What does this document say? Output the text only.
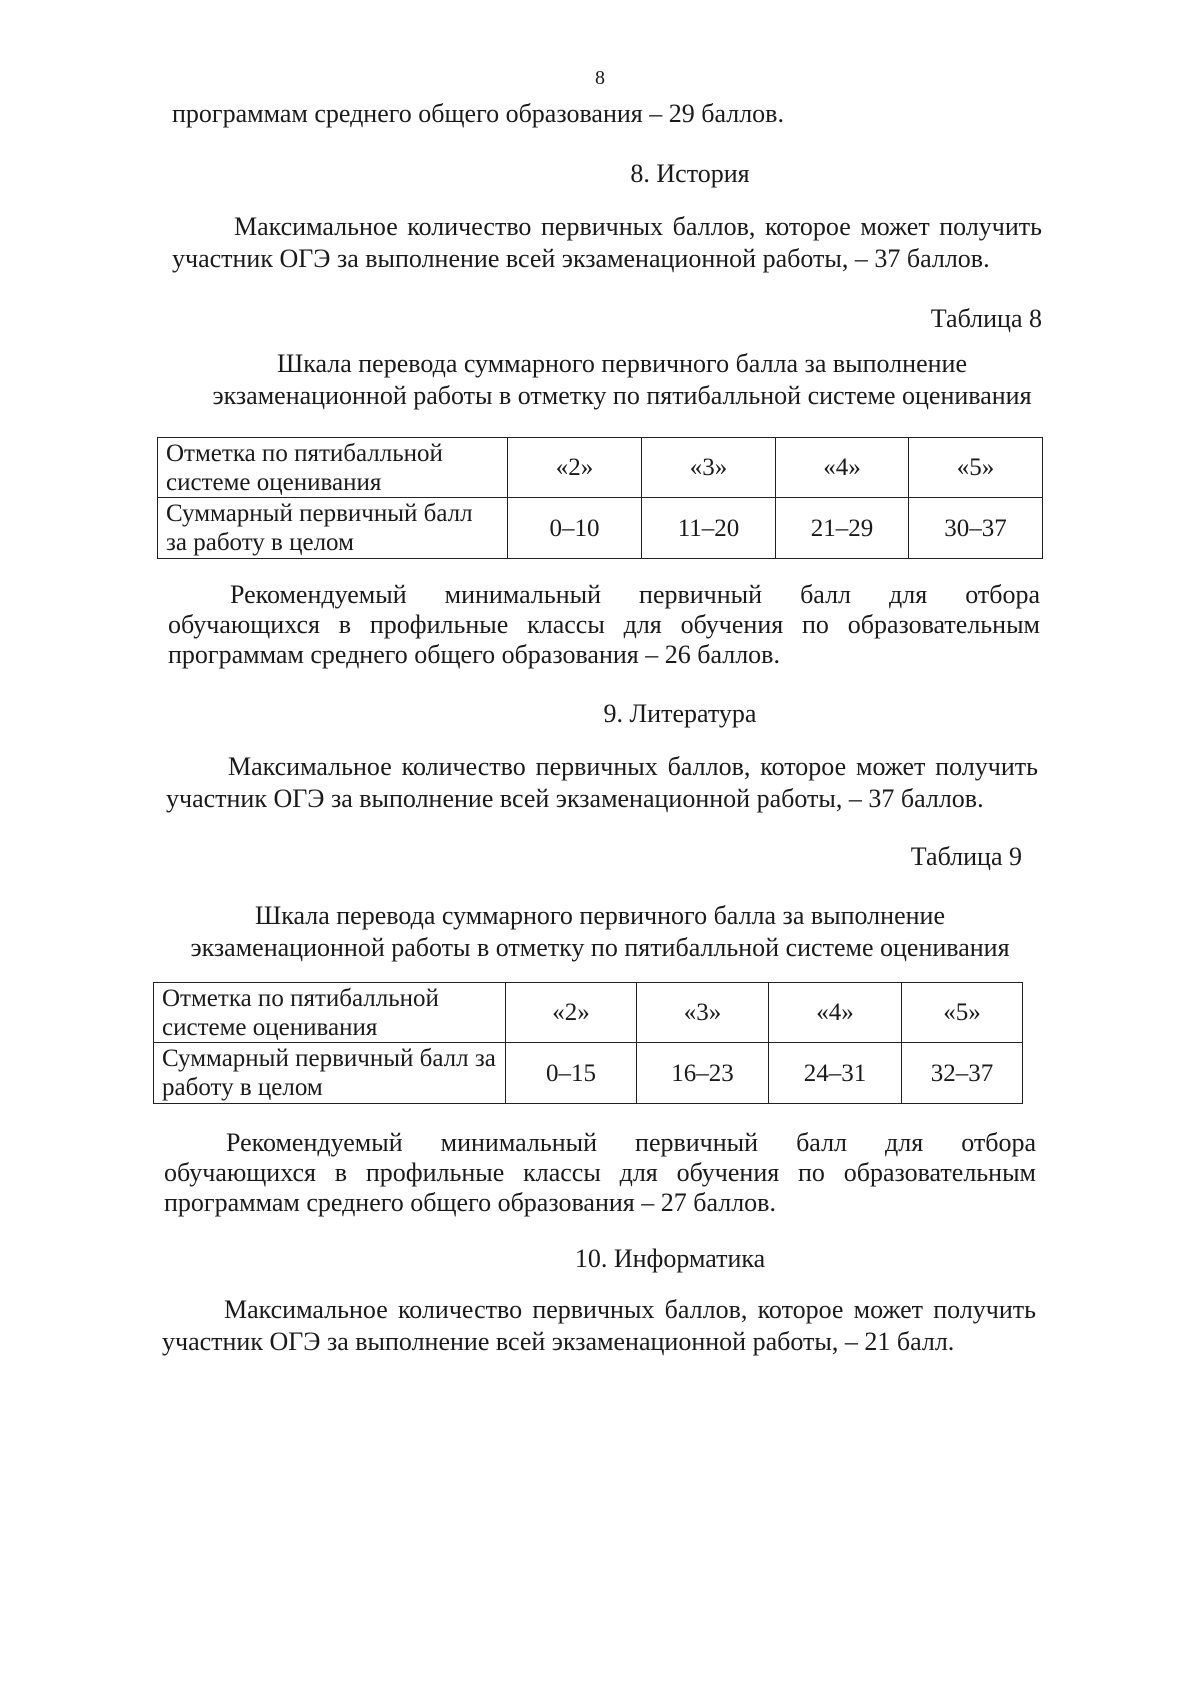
8

программам среднего общего образования – 29 баллов.

8. История

Максимальное количество первичных баллов, которое может получить участник ОГЭ за выполнение всей экзаменационной работы, – 37 баллов.

Таблица 8
Шкала перевода суммарного первичного балла за выполнение
экзаменационной работы в отметку по пятибалльной системе оценивания
Отметка по пятибалльной системе оценивания	«2»	«3»	«4»	«5»
Суммарный первичный балл за работу в целом	0–10	11–20	21–29	30–37

Рекомендуемый минимальный первичный балл для отбора обучающихся в профильные классы для обучения по образовательным программам среднего общего образования – 26 баллов.

9. Литература

Максимальное количество первичных баллов, которое может получить участник ОГЭ за выполнение всей экзаменационной работы, – 37 баллов.

Таблица 9
Шкала перевода суммарного первичного балла за выполнение
экзаменационной работы в отметку по пятибалльной системе оценивания
Отметка по пятибалльной системе оценивания	«2»	«3»	«4»	«5»
Суммарный первичный балл за работу в целом	0–15	16–23	24–31	32–37

Рекомендуемый минимальный первичный балл для отбора обучающихся в профильные классы для обучения по образовательным программам среднего общего образования – 27 баллов.

10. Информатика

Максимальное количество первичных баллов, которое может получить участник ОГЭ за выполнение всей экзаменационной работы, – 21 балл.
